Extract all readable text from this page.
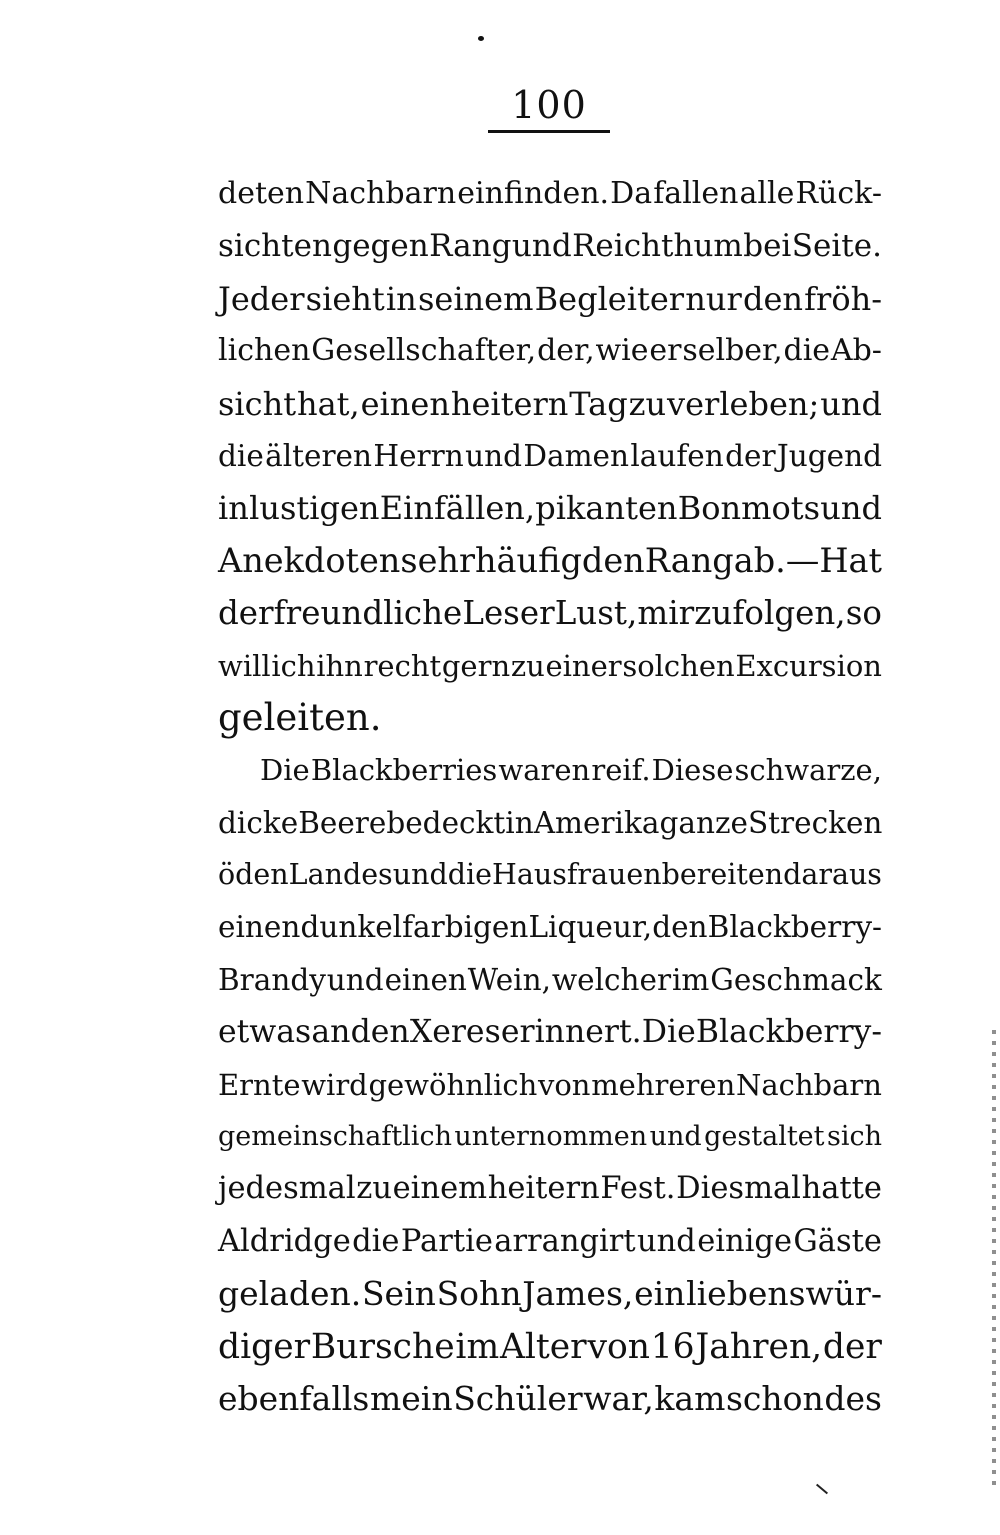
100
deten Nachbarn einfinden. Da fallen alle Rück-
sichten gegen Rang und Reichthum bei Seite.
Jeder sieht in seinem Begleiter nur den fröh-
lichen Gesellschafter, der, wie er selber, die Ab-
sicht hat, einen heitern Tag zu verleben; und
die älteren Herrn und Damen laufen der Jugend
in lustigen Einfällen, pikanten Bonmots und
Anekdoten sehr häufig den Rang ab. — Hat
der freundliche Leser Lust, mir zu folgen, so
will ich ihn recht gern zu einer solchen Excursion
geleiten.
Die Blackberries waren reif. Diese schwarze,
dicke Beere bedeckt in Amerika ganze Strecken
öden Landes und die Hausfrauen bereiten daraus
einen dunkelfarbigen Liqueur, den Blackberry-
Brandy und einen Wein, welcher im Geschmack
etwas an den Xeres erinnert. Die Blackberry-
Ernte wird gewöhnlich von mehreren Nachbarn
gemeinschaftlich unternommen und gestaltet sich
jedesmal zu einem heitern Fest. Diesmal hatte
Aldridge die Partie arrangirt und einige Gäste
geladen. Sein Sohn James, ein liebenswür-
diger Bursche im Alter von 16 Jahren, der
ebenfalls mein Schüler war, kam schon des
